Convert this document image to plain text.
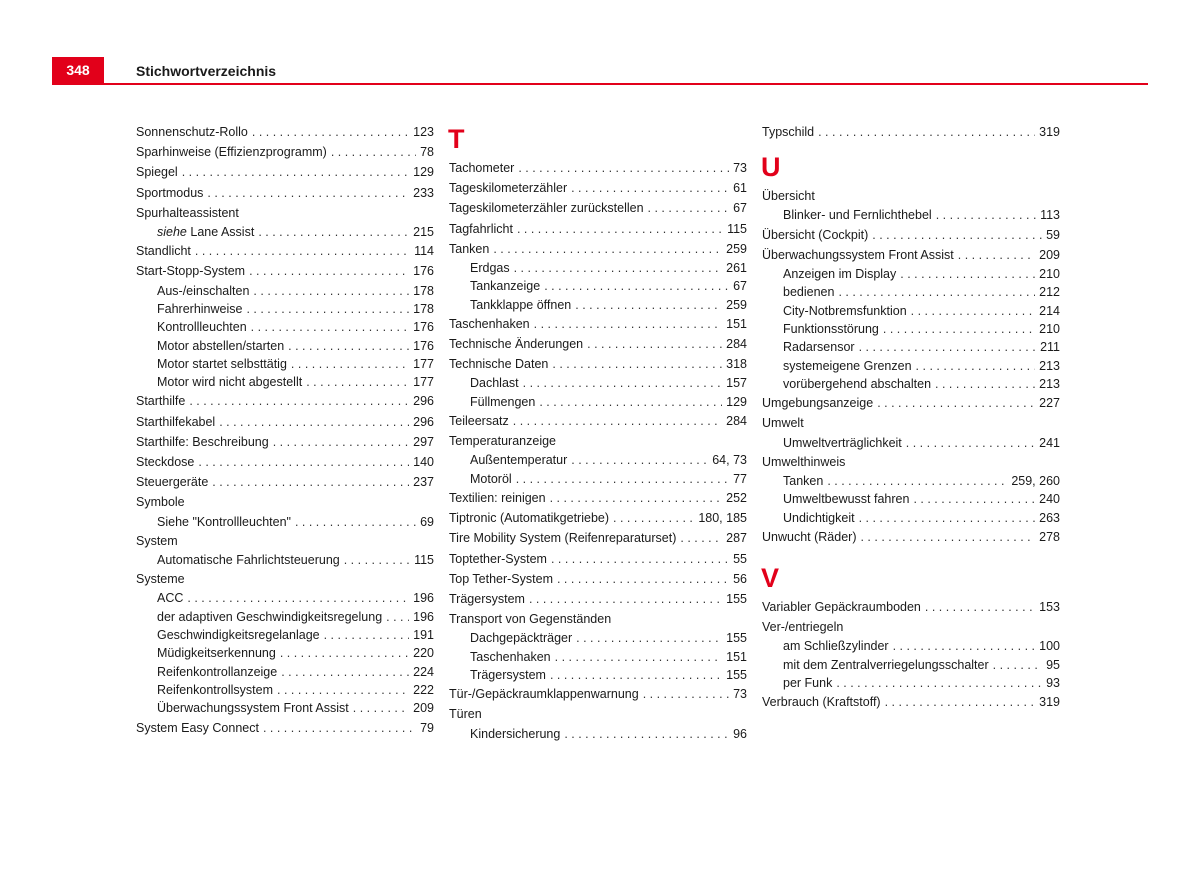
348	Stichwortverzeichnis
Sonnenschutz-Rollo . . .	123
Sparhinweise (Effizienzprogramm) . . .	78
Spiegel . . .	129
Sportmodus . . .	233
Spurhalteassistent
siehe Lane Assist . . .	215
Standlicht . . .	114
Start-Stopp-System . . .	176
Aus-/einschalten . . .	178
Fahrerhinweise . . .	178
Kontrollleuchten . . .	176
Motor abstellen/starten . . .	176
Motor startet selbsttätig . . .	177
Motor wird nicht abgestellt . . .	177
Starthilfe . . .	296
Starthilfekabel . . .	296
Starthilfe: Beschreibung . . .	297
Steckdose . . .	140
Steuergeräte . . .	237
Symbole
Siehe "Kontrollleuchten" . . .	69
System
Automatische Fahrlichtsteuerung . . .	115
Systeme
ACC . . .	196
der adaptiven Geschwindigkeitsregelung . . . 196
Geschwindigkeitsregelanlage . . .	191
Müdigkeitserkennung . . .	220
Reifenkontrollanzeige . . .	224
Reifenkontrollsystem . . .	222
Überwachungssystem Front Assist . . .	209
System Easy Connect . . .	79
T
Tachometer . . .	73
Tageskilometerzähler . . .	61
Tageskilometerzähler zurückstellen . . .	67
Tagfahrlicht . . .	115
Tanken . . .	259
Erdgas . . .	261
Tankanzeige . . .	67
Tankklappe öffnen . . .	259
Taschenhaken . . .	151
Technische Änderungen . . .	284
Technische Daten . . .	318
Dachlast . . .	157
Füllmengen . . .	129
Teileersatz . . .	284
Temperaturanzeige
Außentemperatur . . .	64, 73
Motoröl . . .	77
Textilien: reinigen . . .	252
Tiptronic (Automatikgetriebe) . . .	180, 185
Tire Mobility System (Reifenreparaturset) . . .	287
Toptether-System . . .	55
Top Tether-System . . .	56
Trägersystem . . .	155
Transport von Gegenständen
Dachgepäckträger . . .	155
Taschenhaken . . .	151
Trägersystem . . .	155
Tür-/Gepäckraumklappenwarnung . . .	73
Türen
Kindersicherung . . .	96
Typschild . . .	319
U
Übersicht
Blinker- und Fernlichthebel . . .	113
Übersicht (Cockpit) . . .	59
Überwachungssystem Front Assist . . .	209
Anzeigen im Display . . .	210
bedienen . . .	212
City-Notbremsfunktion . . .	214
Funktionsstörung . . .	210
Radarsensor . . .	211
systemeigene Grenzen . . .	213
vorübergehend abschalten . . .	213
Umgebungsanzeige . . .	227
Umwelt
Umweltverträglichkeit . . .	241
Umwelthinweis
Tanken . . .	259, 260
Umweltbewusst fahren . . .	240
Undichtigkeit . . .	263
Unwucht (Räder) . . .	278
V
Variabler Gepäckraumboden . . .	153
Ver-/entriegeln
am Schließzylinder . . .	100
mit dem Zentralverriegelungsschalter . . .	95
per Funk . . .	93
Verbrauch (Kraftstoff) . . .	319
